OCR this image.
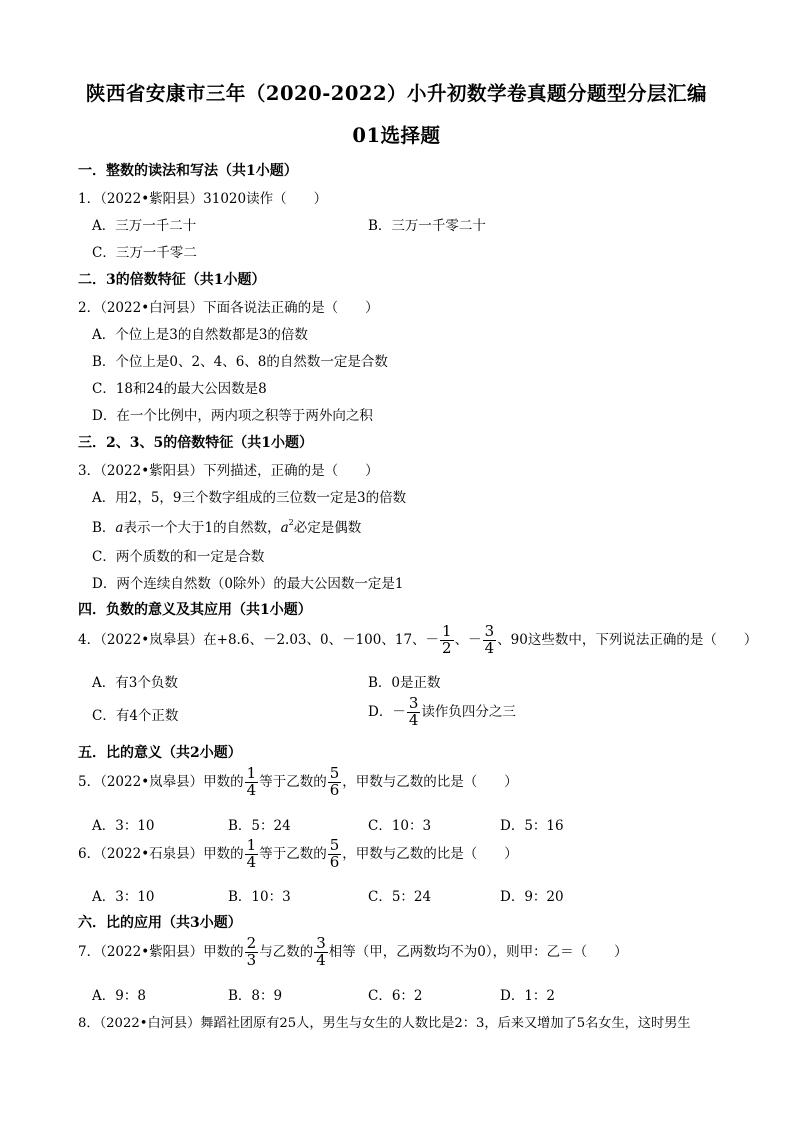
陕西省安康市三年（2020-2022）小升初数学卷真题分题型分层汇编
01选择题
一．整数的读法和写法（共1小题）
1．（2022•紫阳县）31020读作（　　）
A．三万一千二十	B．三万一千零二十
C．三万一千零二
二．3的倍数特征（共1小题）
2．（2022•白河县）下面各说法正确的是（　　）
A．个位上是3的自然数都是3的倍数
B．个位上是0、2、4、6、8的自然数一定是合数
C．18和24的最大公因数是8
D．在一个比例中，两内项之积等于两外向之积
三．2、3、5的倍数特征（共1小题）
3．（2022•紫阳县）下列描述，正确的是（　　）
A．用2，5，9三个数字组成的三位数一定是3的倍数
B．a表示一个大于1的自然数，$a^2$必定是偶数
C．两个质数的和一定是合数
D．两个连续自然数（0除外）的最大公因数一定是1
四．负数的意义及其应用（共1小题）
4．（2022•岚皋县）在+8.6、－2.03、0、－100、17、－ $\frac{1}{2}$ 、－ $\frac{3}{4}$ 、90这些数中，下列说法正确的是（　　）
A．有3个负数	B．0是正数
C．有4个正数	D．－ $\frac{3}{4}$ 读作负四分之三
五．比的意义（共2小题）
5．（2022•岚皋县）甲数的 $\frac{1}{4}$ 等于乙数的 $\frac{5}{6}$ ，甲数与乙数的比是（　　）
A．3：10	B．5：24	C．10：3	D．5：16
6．（2022•石泉县）甲数的 $\frac{1}{4}$ 等于乙数的 $\frac{5}{6}$ ，甲数与乙数的比是（　　）
A．3：10	B．10：3	C．5：24	D．9：20
六．比的应用（共3小题）
7．（2022•紫阳县）甲数的 $\frac{2}{3}$ 与乙数的 $\frac{3}{4}$ 相等（甲，乙两数均不为0），则甲：乙＝（　　）
A．9：8	B．8：9	C．6：2	D．1：2
8．（2022•白河县）舞蹈社团原有25人，男生与女生的人数比是2：3，后来又增加了5名女生，这时男生
